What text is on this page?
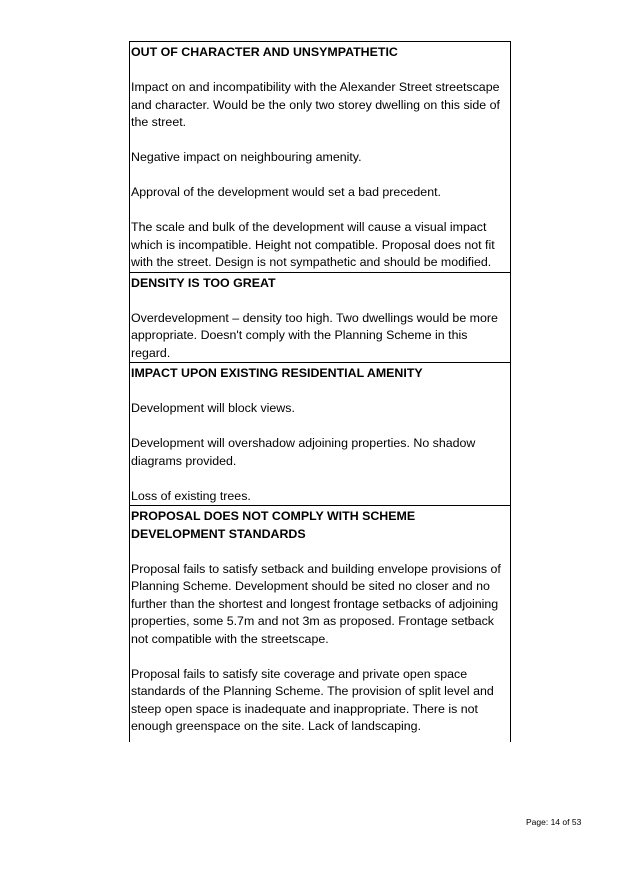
OUT OF CHARACTER AND UNSYMPATHETIC

Impact on and incompatibility with the Alexander Street streetscape and character. Would be the only two storey dwelling on this side of the street.

Negative impact on neighbouring amenity.

Approval of the development would set a bad precedent.

The scale and bulk of the development will cause a visual impact which is incompatible. Height not compatible. Proposal does not fit with the street. Design is not sympathetic and should be modified.

DENSITY IS TOO GREAT

Overdevelopment – density too high. Two dwellings would be more appropriate. Doesn't comply with the Planning Scheme in this regard.

IMPACT UPON EXISTING RESIDENTIAL AMENITY

Development will block views.

Development will overshadow adjoining properties. No shadow diagrams provided.

Loss of existing trees.

PROPOSAL DOES NOT COMPLY WITH SCHEME DEVELOPMENT STANDARDS

Proposal fails to satisfy setback and building envelope provisions of Planning Scheme. Development should be sited no closer and no further than the shortest and longest frontage setbacks of adjoining properties, some 5.7m and not 3m as proposed. Frontage setback not compatible with the streetscape.

Proposal fails to satisfy site coverage and private open space standards of the Planning Scheme. The provision of split level and steep open space is inadequate and inappropriate. There is not enough greenspace on the site. Lack of landscaping.

Page: 14 of 53
